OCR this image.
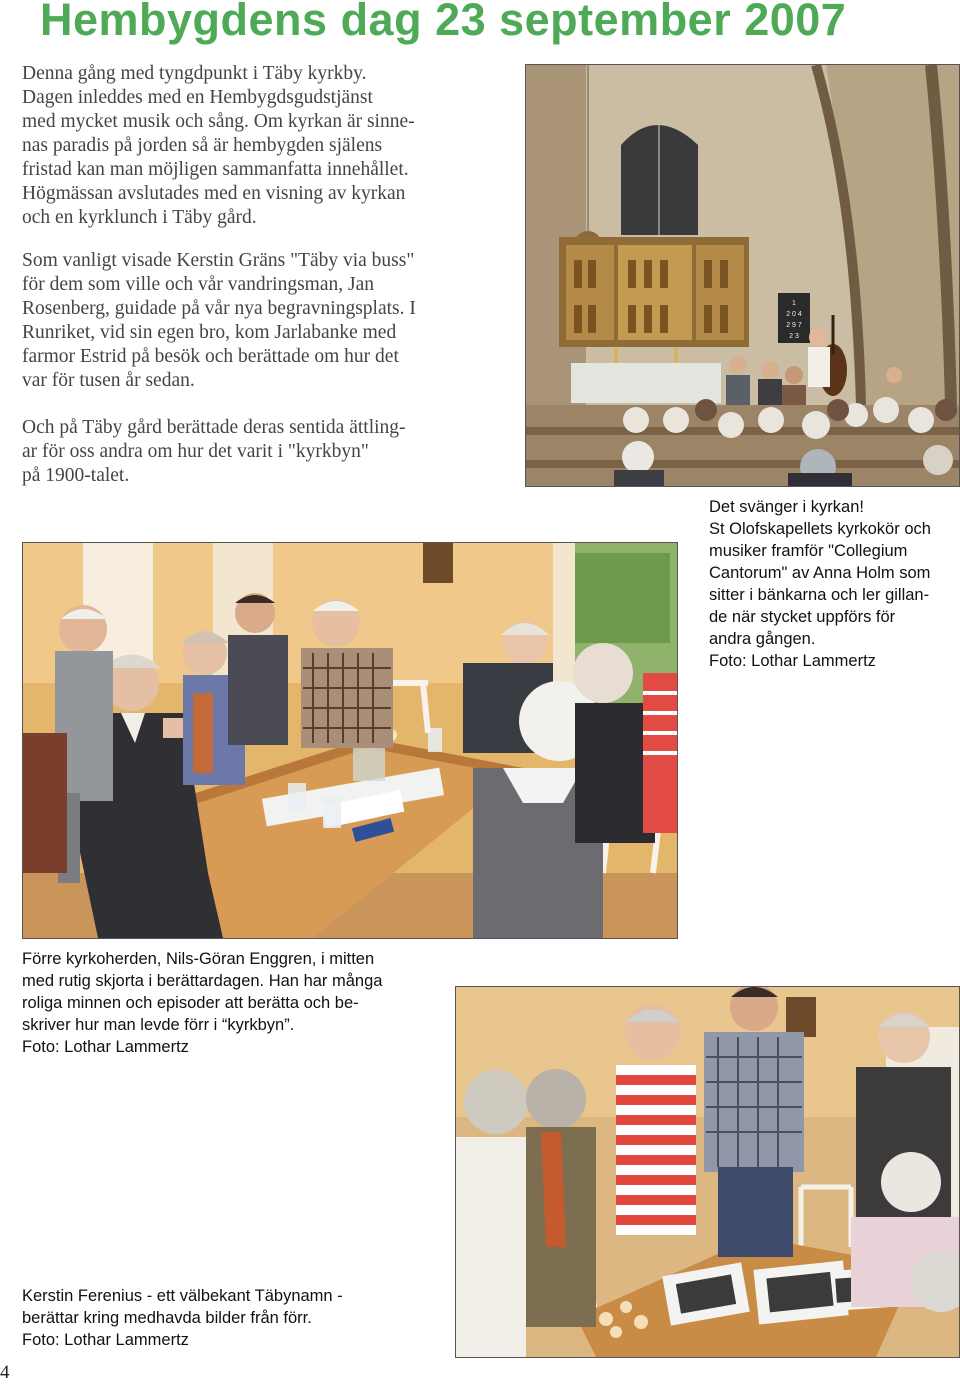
Hembygdens dag 23 september 2007

Denna gång med tyngdpunkt i Täby kyrkby.
Dagen inleddes med en Hembygdsgudstjänst
med mycket musik och sång. Om kyrkan är sinne-
nas paradis på jorden så är hembygden själens
fristad kan man möjligen sammanfatta innehållet.
Högmässan avslutades med en visning av kyrkan
och en kyrklunch i Täby gård.

Som vanligt visade Kerstin Gräns "Täby via buss"
för dem som ville och vår vandringsman, Jan
Rosenberg, guidade på vår nya begravningsplats. I
Runriket, vid sin egen bro, kom Jarlabanke med
farmor Estrid på besök och berättade om hur det
var för tusen år sedan.

Och på Täby gård berättade deras sentida ättling-
ar för oss andra om hur det varit i "kyrkbyn"
på 1900-talet.

1
2 0 4
2 9 7
2 3

Det svänger i kyrkan!
St Olofskapellets kyrkokör och
musiker framför "Collegium
Cantorum" av Anna Holm som
sitter i bänkarna och ler gillan-
de när stycket uppförs för
andra gången.
Foto: Lothar Lammertz

Förre kyrkoherden, Nils-Göran Enggren, i mitten
med rutig skjorta i berättardagen. Han har många
roliga minnen och episoder att berätta och be-
skriver hur man levde förr i “kyrkbyn”.
Foto: Lothar Lammertz

Kerstin Ferenius - ett välbekant Täbynamn -
berättar kring medhavda bilder från förr.
Foto: Lothar Lammertz

4
